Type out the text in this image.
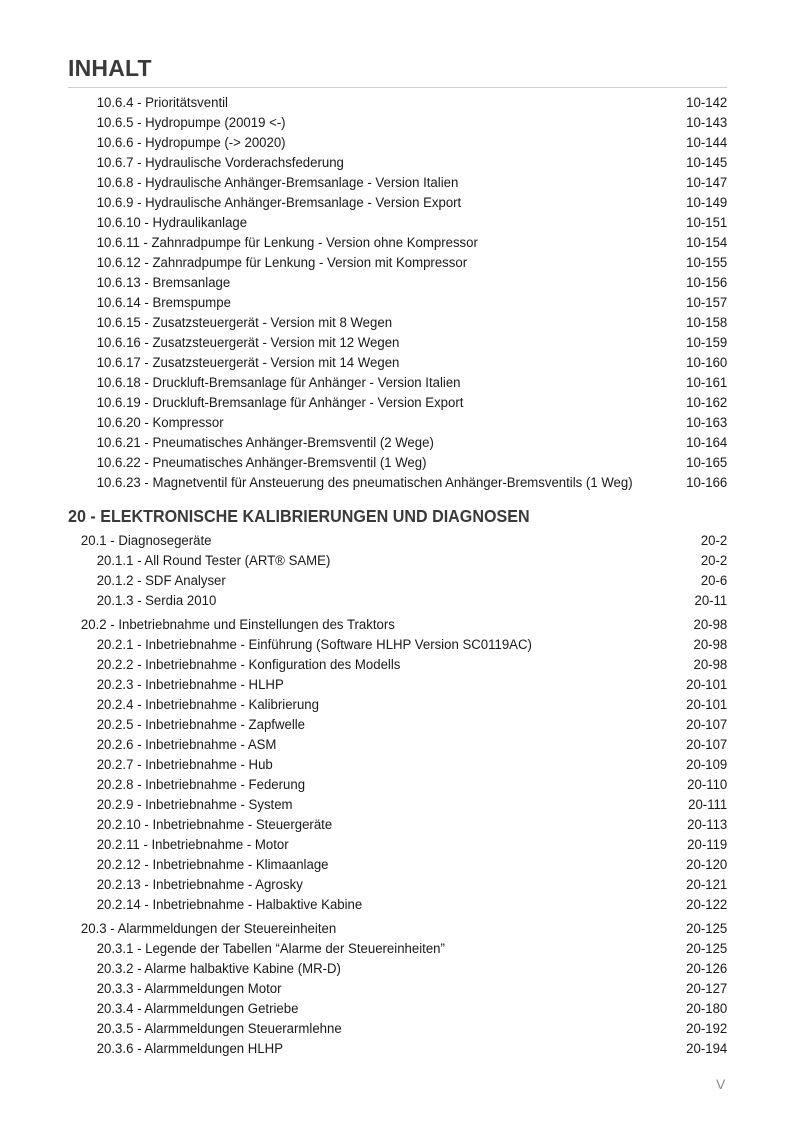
INHALT
10.6.4 - Prioritätsventil	10-142
10.6.5 - Hydropumpe (20019 <-)	10-143
10.6.6 - Hydropumpe (-> 20020)	10-144
10.6.7 - Hydraulische Vorderachsfederung	10-145
10.6.8 - Hydraulische Anhänger-Bremsanlage - Version Italien	10-147
10.6.9 - Hydraulische Anhänger-Bremsanlage - Version Export	10-149
10.6.10 - Hydraulikanlage	10-151
10.6.11 - Zahnradpumpe für Lenkung - Version ohne Kompressor	10-154
10.6.12 - Zahnradpumpe für Lenkung - Version mit Kompressor	10-155
10.6.13 - Bremsanlage	10-156
10.6.14 - Bremspumpe	10-157
10.6.15 - Zusatzsteuergerät - Version mit 8 Wegen	10-158
10.6.16 - Zusatzsteuergerät - Version mit 12 Wegen	10-159
10.6.17 - Zusatzsteuergerät - Version mit 14 Wegen	10-160
10.6.18 - Druckluft-Bremsanlage für Anhänger - Version Italien	10-161
10.6.19 - Druckluft-Bremsanlage für Anhänger - Version Export	10-162
10.6.20 - Kompressor	10-163
10.6.21 - Pneumatisches Anhänger-Bremsventil (2 Wege)	10-164
10.6.22 - Pneumatisches Anhänger-Bremsventil (1 Weg)	10-165
10.6.23 - Magnetventil für Ansteuerung des pneumatischen Anhänger-Bremsventils (1 Weg)	10-166
20 - ELEKTRONISCHE KALIBRIERUNGEN UND DIAGNOSEN
20.1 - Diagnosegeräte	20-2
20.1.1 - All Round Tester (ART® SAME)	20-2
20.1.2 - SDF Analyser	20-6
20.1.3 - Serdia 2010	20-11
20.2 - Inbetriebnahme und Einstellungen des Traktors	20-98
20.2.1 - Inbetriebnahme - Einführung (Software HLHP Version SC0119AC)	20-98
20.2.2 - Inbetriebnahme - Konfiguration des Modells	20-98
20.2.3 - Inbetriebnahme - HLHP	20-101
20.2.4 - Inbetriebnahme - Kalibrierung	20-101
20.2.5 - Inbetriebnahme - Zapfwelle	20-107
20.2.6 - Inbetriebnahme - ASM	20-107
20.2.7 - Inbetriebnahme - Hub	20-109
20.2.8 - Inbetriebnahme - Federung	20-110
20.2.9 - Inbetriebnahme - System	20-111
20.2.10 - Inbetriebnahme - Steuergeräte	20-113
20.2.11 - Inbetriebnahme - Motor	20-119
20.2.12 - Inbetriebnahme - Klimaanlage	20-120
20.2.13 - Inbetriebnahme - Agrosky	20-121
20.2.14 - Inbetriebnahme - Halbaktive Kabine	20-122
20.3 - Alarmmeldungen der Steuereinheiten	20-125
20.3.1 - Legende der Tabellen “Alarme der Steuereinheiten”	20-125
20.3.2 - Alarme halbaktive Kabine (MR-D)	20-126
20.3.3 - Alarmmeldungen Motor	20-127
20.3.4 - Alarmmeldungen Getriebe	20-180
20.3.5 - Alarmmeldungen Steuerarmlehne	20-192
20.3.6 - Alarmmeldungen HLHP	20-194
V
